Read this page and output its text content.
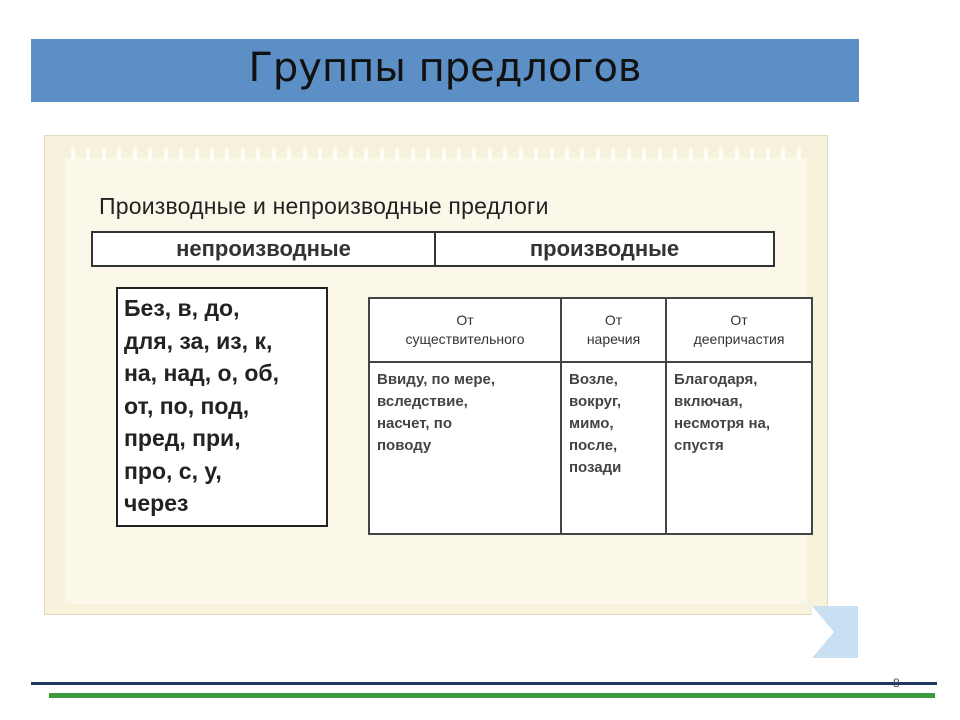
Группы предлогов
Производные и непроизводные предлоги
непроизводные	производные
Без, в, до,
для, за, из, к,
на, над, о, об,
от, по, под,
пред, при,
про, с, у,
через
От
существительного
Ввиду, по мере,
вследствие,
насчет, по
поводу
От
наречия
Возле,
вокруг,
мимо,
после,
позади
От
деепричастия
Благодаря,
включая,
несмотря на,
спустя
8
